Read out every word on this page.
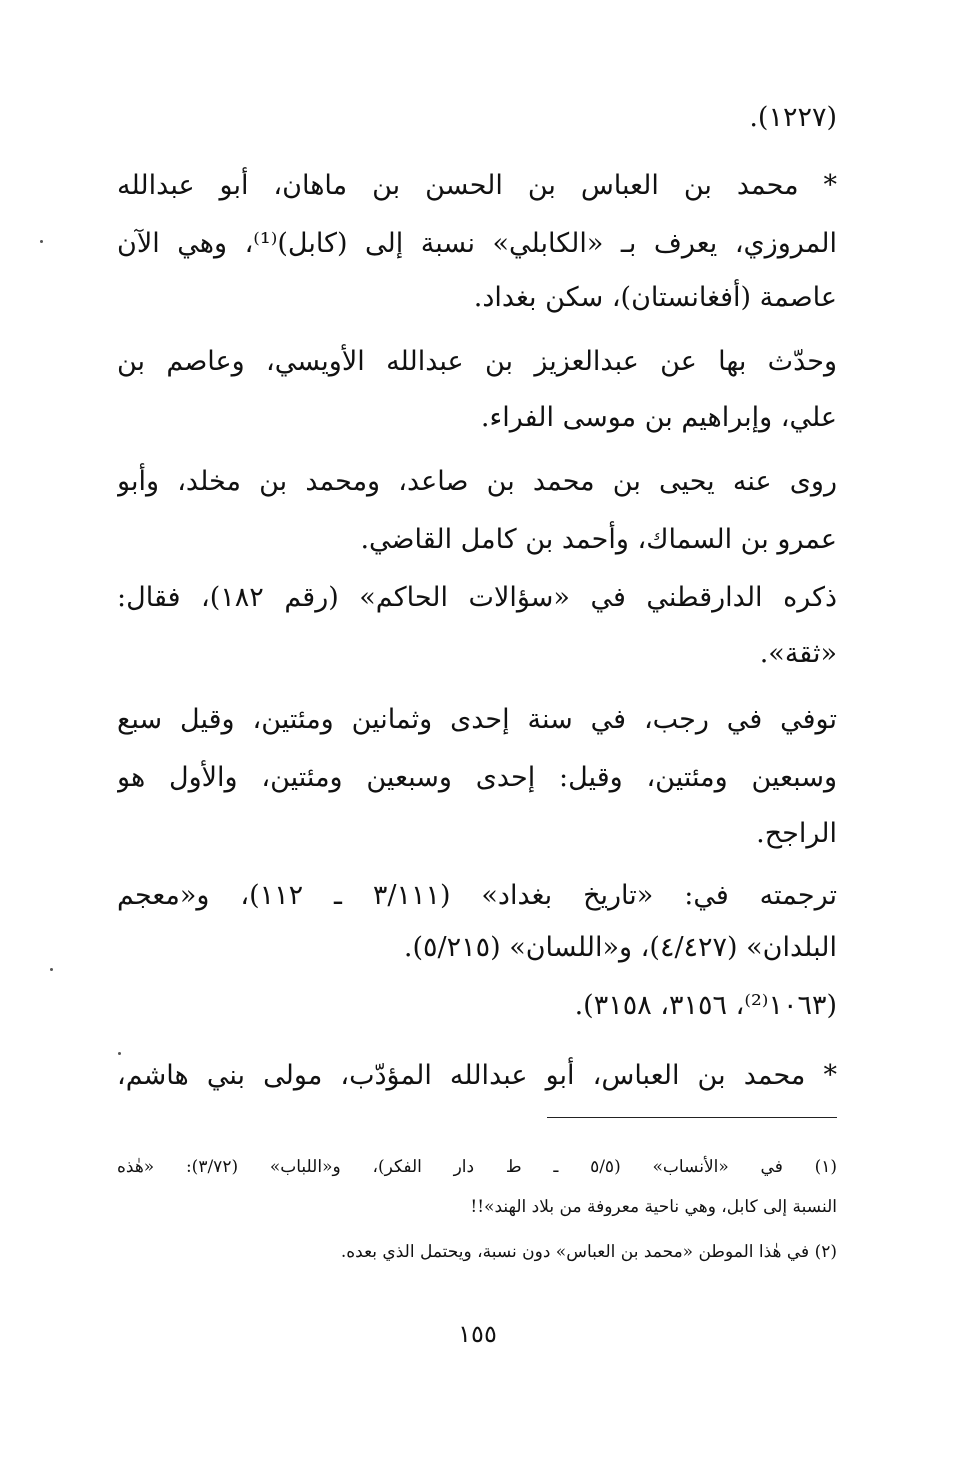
(١٢٢٧).
* محمد بن العباس بن الحسن بن ماهان، أبو عبدالله
المروزي، يعرف بـ «الكابلي» نسبة إلى (كابل)⁽¹⁾، وهي الآن
عاصمة (أفغانستان)، سكن بغداد.
وحدّث بها عن عبدالعزيز بن عبدالله الأويسي، وعاصم بن
علي، وإبراهيم بن موسى الفراء.
روى عنه يحيى بن محمد بن صاعد، ومحمد بن مخلد، وأبو
عمرو بن السماك، وأحمد بن كامل القاضي.
ذكره الدارقطني في «سؤالات الحاكم» (رقم ١٨٢)، فقال:
«ثقة».
توفي في رجب، في سنة إحدى وثمانين ومئتين، وقيل سبع
وسبعين ومئتين، وقيل: إحدى وسبعين ومئتين، والأول هو
الراجح.
ترجمته في: «تاريخ بغداد» (٣/١١١ ـ ١١٢)، و«معجم
البلدان» (٤/٤٢٧)، و«اللسان» (٥/٢١٥).
(١٠٦٣⁽²⁾، ٣١٥٦، ٣١٥٨).
* محمد بن العباس، أبو عبدالله المؤدّب، مولى بني هاشم،
(١) في «الأنساب» (٥/٥ ـ ط دار الفكر)، و«اللباب» (٣/٧٢): «هٰذه
النسبة إلى كابل، وهي ناحية معروفة من بلاد الهند»!!
(٢) في هٰذا الموطن «محمد بن العباس» دون نسبة، ويحتمل الذي بعده.
١٥٥
